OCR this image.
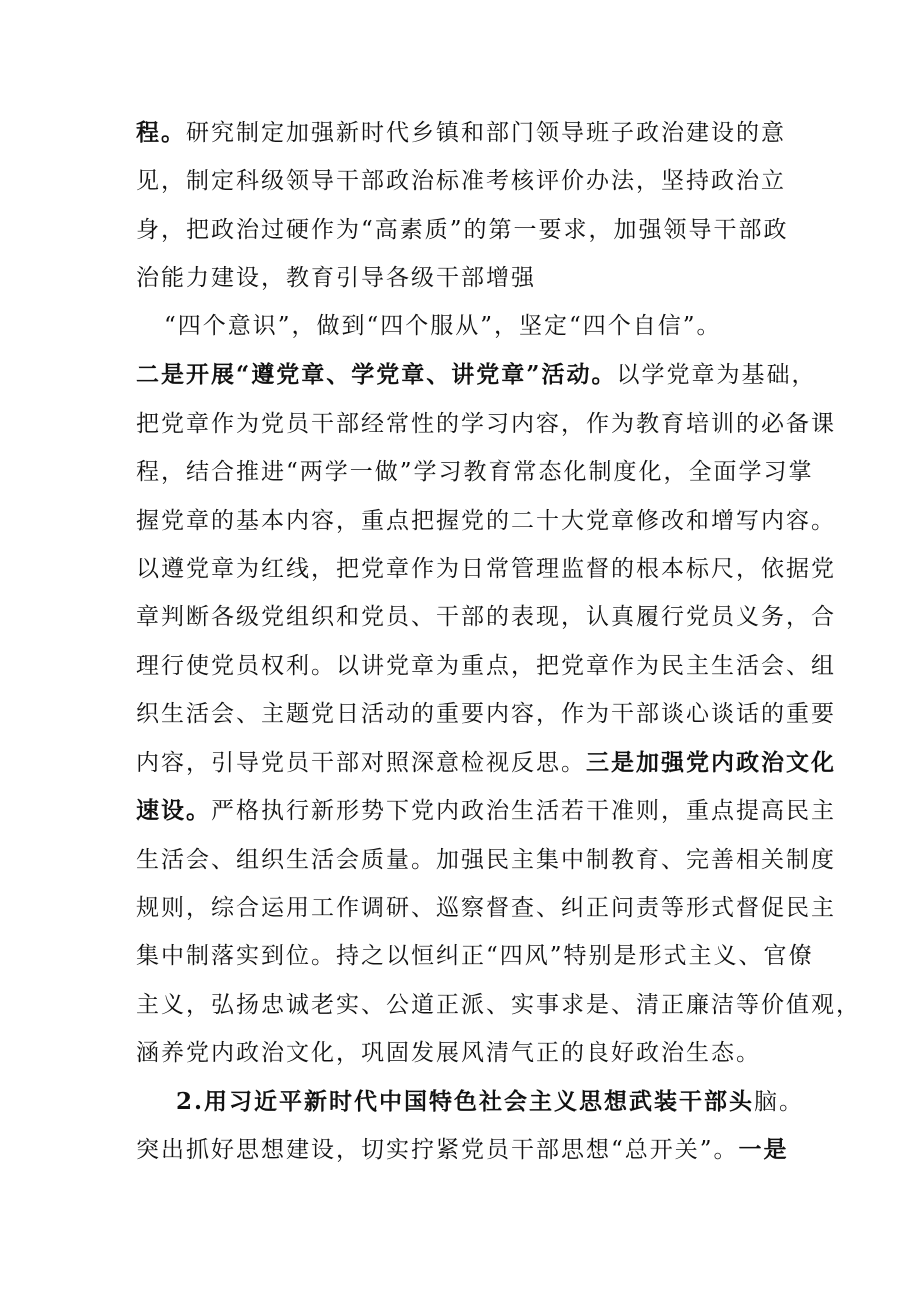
程。研究制定加强新时代乡镇和部门领导班子政治建设的意
见，制定科级领导干部政治标准考核评价办法，坚持政治立
身，把政治过硬作为“高素质”的第一要求，加强领导干部政
治能力建设，教育引导各级干部增强
“四个意识”，做到“四个服从”，坚定“四个自信”。
二是开展“遵党章、学党章、讲党章”活动。以学党章为基础，
把党章作为党员干部经常性的学习内容，作为教育培训的必备课
程，结合推进“两学一做”学习教育常态化制度化，全面学习掌
握党章的基本内容，重点把握党的二十大党章修改和增写内容。
以遵党章为红线，把党章作为日常管理监督的根本标尺，依据党
章判断各级党组织和党员、干部的表现，认真履行党员义务，合
理行使党员权利。以讲党章为重点，把党章作为民主生活会、组
织生活会、主题党日活动的重要内容，作为干部谈心谈话的重要
内容，引导党员干部对照深意检视反思。三是加强党内政治文化
速设。严格执行新形势下党内政治生活若干准则，重点提高民主
生活会、组织生活会质量。加强民主集中制教育、完善相关制度
规则，综合运用工作调研、巡察督查、纠正问责等形式督促民主
集中制落实到位。持之以恒纠正“四风”特别是形式主义、官僚
主义，弘扬忠诚老实、公道正派、实事求是、清正廉洁等价值观，
涵养党内政治文化，巩固发展风清气正的良好政治生态。
2.用习近平新时代中国特色社会主义思想武装干部头脑。
突出抓好思想建设，切实拧紧党员干部思想“总开关”。一是
